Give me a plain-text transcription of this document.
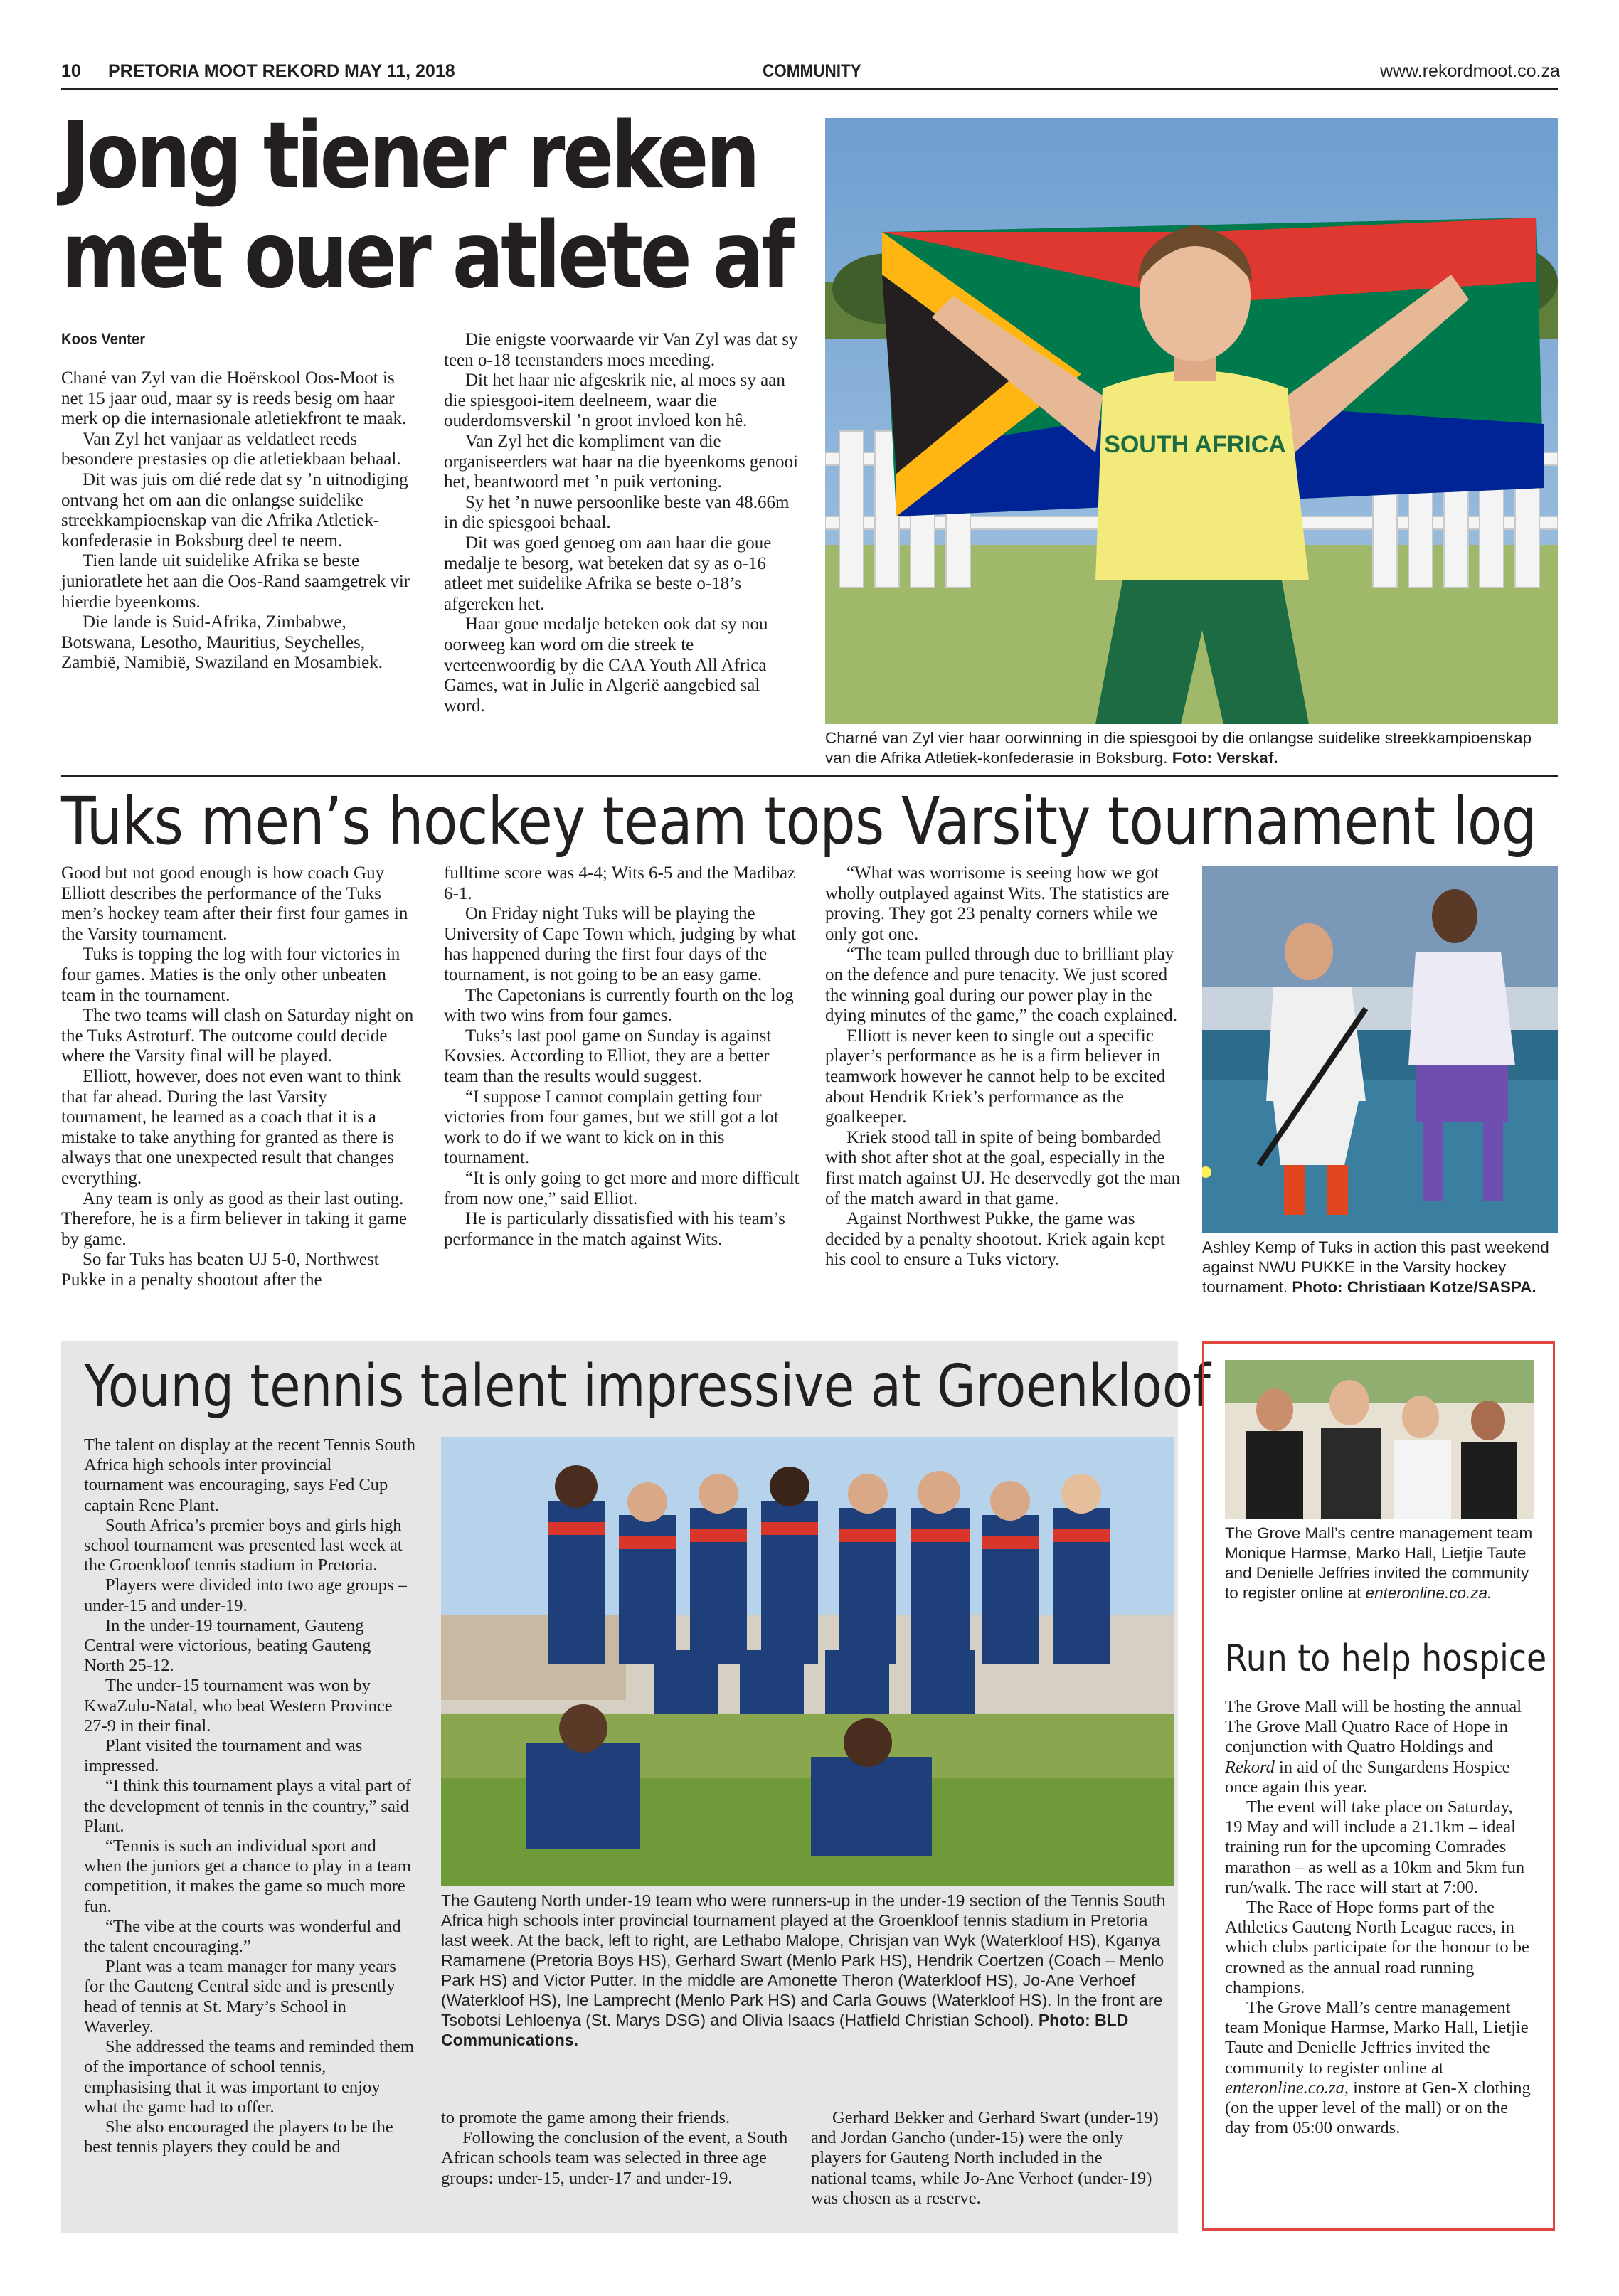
10 PRETORIA MOOT REKORD MAY 11, 2018	COMMUNITY	www.rekordmoot.co.za
Jong tiener reken
met ouer atlete af
Koos Venter

Chané van Zyl van die Hoërskool Oos-Moot is net 15 jaar oud, maar sy is reeds besig om haar merk op die internasionale atletiekfront te maak.

Van Zyl het vanjaar as veldatleet reeds besondere prestasies op die atletiekbaan behaal.

Dit was juis om dié rede dat sy ʼn uitnodiging ontvang het om aan die onlangse suidelike streekkampioenskap van die Afrika Atletiek-konfederasie in Boksburg deel te neem.

Tien lande uit suidelike Afrika se beste junioratlete het aan die Oos-Rand saamgetrek vir hierdie byeenkoms.

Die lande is Suid-Afrika, Zimbabwe, Botswana, Lesotho, Mauritius, Seychelles, Zambië, Namibië, Swaziland en Mosambiek.

Die enigste voorwaarde vir Van Zyl was dat sy teen o-18 teenstanders moes meeding.

Dit het haar nie afgeskrik nie, al moes sy aan die spiesgooi-item deelneem, waar die ouderdomsverskil ʼn groot invloed kon hê.

Van Zyl het die kompliment van die organiseerders wat haar na die byeenkoms genooi het, beantwoord met ʼn puik vertoning.

Sy het ʼn nuwe persoonlike beste van 48.66m in die spiesgooi behaal.

Dit was goed genoeg om aan haar die goue medalje te besorg, wat beteken dat sy as o-16 atleet met suidelike Afrika se beste o-18’s afgereken het.

Haar goue medalje beteken ook dat sy nou oorweeg kan word om die streek te verteenwoordig by die CAA Youth All Africa Games, wat in Julie in Algerië aangebied sal word.

SOUTH AFRICA
Charné van Zyl vier haar oorwinning in die spiesgooi by die onlangse suidelike streekkampioenskap van die Afrika Atletiek-konfederasie in Boksburg. Foto: Verskaf.
Tuks men’s hockey team tops Varsity tournament log

Good but not good enough is how coach Guy Elliott describes the performance of the Tuks men’s hockey team after their first four games in the Varsity tournament.

Tuks is topping the log with four victories in four games. Maties is the only other unbeaten team in the tournament.

The two teams will clash on Saturday night on the Tuks Astroturf. The outcome could decide where the Varsity final will be played.

Elliott, however, does not even want to think that far ahead. During the last Varsity tournament, he learned as a coach that it is a mistake to take anything for granted as there is always that one unexpected result that changes everything.

Any team is only as good as their last outing. Therefore, he is a firm believer in taking it game by game.

So far Tuks has beaten UJ 5-0, Northwest Pukke in a penalty shootout after the

fulltime score was 4-4; Wits 6-5 and the Madibaz 6-1.

On Friday night Tuks will be playing the University of Cape Town which, judging by what has happened during the first four days of the tournament, is not going to be an easy game.

The Capetonians is currently fourth on the log with two wins from four games.

Tuks’s last pool game on Sunday is against Kovsies. According to Elliot, they are a better team than the results would suggest.

“I suppose I cannot complain getting four victories from four games, but we still got a lot work to do if we want to kick on in this tournament.

“It is only going to get more and more difficult from now one,” said Elliot.

He is particularly dissatisfied with his team’s performance in the match against Wits.

“What was worrisome is seeing how we got wholly outplayed against Wits. The statistics are proving. They got 23 penalty corners while we only got one.

“The team pulled through due to brilliant play on the defence and pure tenacity. We just scored the winning goal during our power play in the dying minutes of the game,” the coach explained.

Elliott is never keen to single out a specific player’s performance as he is a firm believer in teamwork however he cannot help to be excited about Hendrik Kriek’s performance as the goalkeeper.

Kriek stood tall in spite of being bombarded with shot after shot at the goal, especially in the first match against UJ. He deservedly got the man of the match award in that game.

Against Northwest Pukke, the game was decided by a penalty shootout. Kriek again kept his cool to ensure a Tuks victory.

Ashley Kemp of Tuks in action this past weekend against NWU PUKKE in the Varsity hockey tournament. Photo: Christiaan Kotze/SASPA.
Young tennis talent impressive at Groenkloof

The talent on display at the recent Tennis South Africa high schools inter provincial tournament was encouraging, says Fed Cup captain Rene Plant.

South Africa’s premier boys and girls high school tournament was presented last week at the Groenkloof tennis stadium in Pretoria.

Players were divided into two age groups – under-15 and under-19.

In the under-19 tournament, Gauteng Central were victorious, beating Gauteng North 25-12.

The under-15 tournament was won by KwaZulu-Natal, who beat Western Province 27-9 in their final.

Plant visited the tournament and was impressed.

“I think this tournament plays a vital part of the development of tennis in the country,” said Plant.

“Tennis is such an individual sport and when the juniors get a chance to play in a team competition, it makes the game so much more fun.

“The vibe at the courts was wonderful and the talent encouraging.”

Plant was a team manager for many years for the Gauteng Central side and is presently head of tennis at St. Mary’s School in Waverley.

She addressed the teams and reminded them of the importance of school tennis, emphasising that it was important to enjoy what the game had to offer.

She also encouraged the players to be the best tennis players they could be and

The Gauteng North under-19 team who were runners-up in the under-19 section of the Tennis South Africa high schools inter provincial tournament played at the Groenkloof tennis stadium in Pretoria last week. At the back, left to right, are Lethabo Malope, Chrisjan van Wyk (Waterkloof HS), Kganya Ramamene (Pretoria Boys HS), Gerhard Swart (Menlo Park HS), Hendrik Coertzen (Coach – Menlo Park HS) and Victor Putter. In the middle are Amonette Theron (Waterkloof HS), Jo-Ane Verhoef (Waterkloof HS), Ine Lamprecht (Menlo Park HS) and Carla Gouws (Waterkloof HS). In the front are Tsobotsi Lehloenya (St. Marys DSG) and Olivia Isaacs (Hatfield Christian School). Photo: BLD Communications.

to promote the game among their friends.

Following the conclusion of the event, a South African schools team was selected in three age groups: under-15, under-17 and under-19.

Gerhard Bekker and Gerhard Swart (under-19) and Jordan Gancho (under-15) were the only players for Gauteng North included in the national teams, while Jo-Ane Verhoef (under-19) was chosen as a reserve.

The Grove Mall’s centre management team Monique Harmse, Marko Hall, Lietjie Taute and Denielle Jeffries invited the community to register online at enteronline.co.za.
Run to help hospice

The Grove Mall will be hosting the annual The Grove Mall Quatro Race of Hope in conjunction with Quatro Holdings and Rekord in aid of the Sungardens Hospice once again this year.

The event will take place on Saturday, 19 May and will include a 21.1km – ideal training run for the upcoming Comrades marathon – as well as a 10km and 5km fun run/walk. The race will start at 7:00.

The Race of Hope forms part of the Athletics Gauteng North League races, in which clubs participate for the honour to be crowned as the annual road running champions.

The Grove Mall’s centre management team Monique Harmse, Marko Hall, Lietjie Taute and Denielle Jeffries invited the community to register online at enteronline.co.za, instore at Gen-X clothing (on the upper level of the mall) or on the day from 05:00 onwards.
